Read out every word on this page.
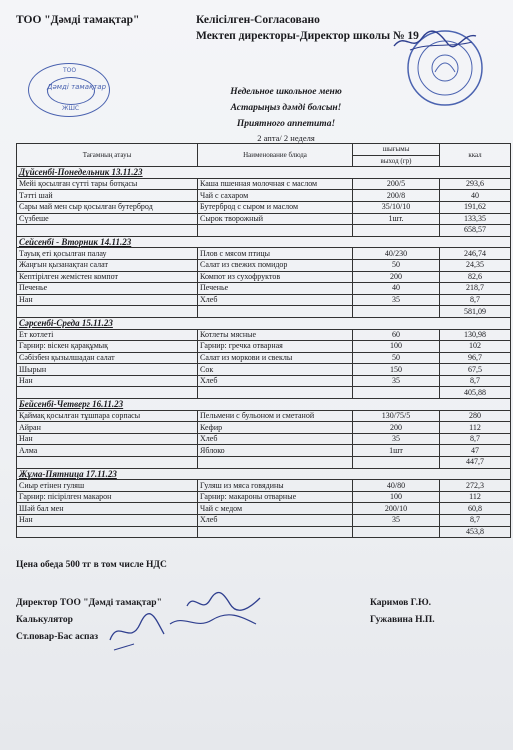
ТОО "Дәмді тамақтар"	Келісілген-Согласовано
Мектеп директоры-Директор школы № 19
ТОО
Дәмді тамақтар
ЖШС
Недельное школьное меню
Астарыңыз дәмді болсын!
Приятного аппетита!
2 апта/ 2 неделя
Тағамның атауы	Наименование блюда	шығымы	ккал
		выход (гр)	
Дүйсенбі-Понедельник 13.11.23			
Мейі қосылған сүтті тары ботқасы	Каша пшенная молочная с маслом	200/5	293,6
Тәтті шай	Чай с сахаром	200/8	40
Сары май мен сыр қосылған бутерброд	Бутерброд с сыром и маслом	35/10/10	191,62
Сүзбеше	Сырок творожный	1шт.	133,35
			658,57
Сейсенбі - Вторник 14.11.23			
Тауық еті қосылған палау	Плов с мясом птицы	40/230	246,74
Жаңғын қызанақтан салат	Салат из свежих помидор	50	24,35
Кептірілген жемістен компот	Компот из сухофруктов	200	82,6
Печенье	Печенье	40	218,7
Нан	Хлеб	35	8,7
			581,09
Сәрсенбі-Среда 15.11.23			
Ет котлеті	Котлеты мясные	60	130,98
Гарнир: віскен қарақұмық	Гарнир: гречка отварная	100	102
Сәбізбен қызылшадан салат	Салат из моркови и свеклы	50	96,7
Шырын	Сок	150	67,5
Нан	Хлеб	35	8,7
			405,88
Бейсенбі-Четверг 16.11.23			
Қаймақ қосылған тұшпара сорпасы	Пельмени с бульоном и сметаной	130/75/5	280
Айран	Кефир	200	112
Нан	Хлеб	35	8,7
Алма	Яблоко	1шт	47
			447,7
Жұма-Пятница 17.11.23			
Сиыр етінен гуляш	Гуляш из мяса говядины	40/80	272,3
Гарнир: пісірілген макарон	Гарнир: макароны отварные	100	112
Шәй бал мен	Чай с медом	200/10	60,8
Нан	Хлеб	35	8,7
			453,8
Цена обеда 500 тг в том числе НДС
Директор ТОО "Дәмді тамақтар"	Каримов Г.Ю.
Калькулятор	Гужавина Н.П.
Ст.повар-Бас аспаз
